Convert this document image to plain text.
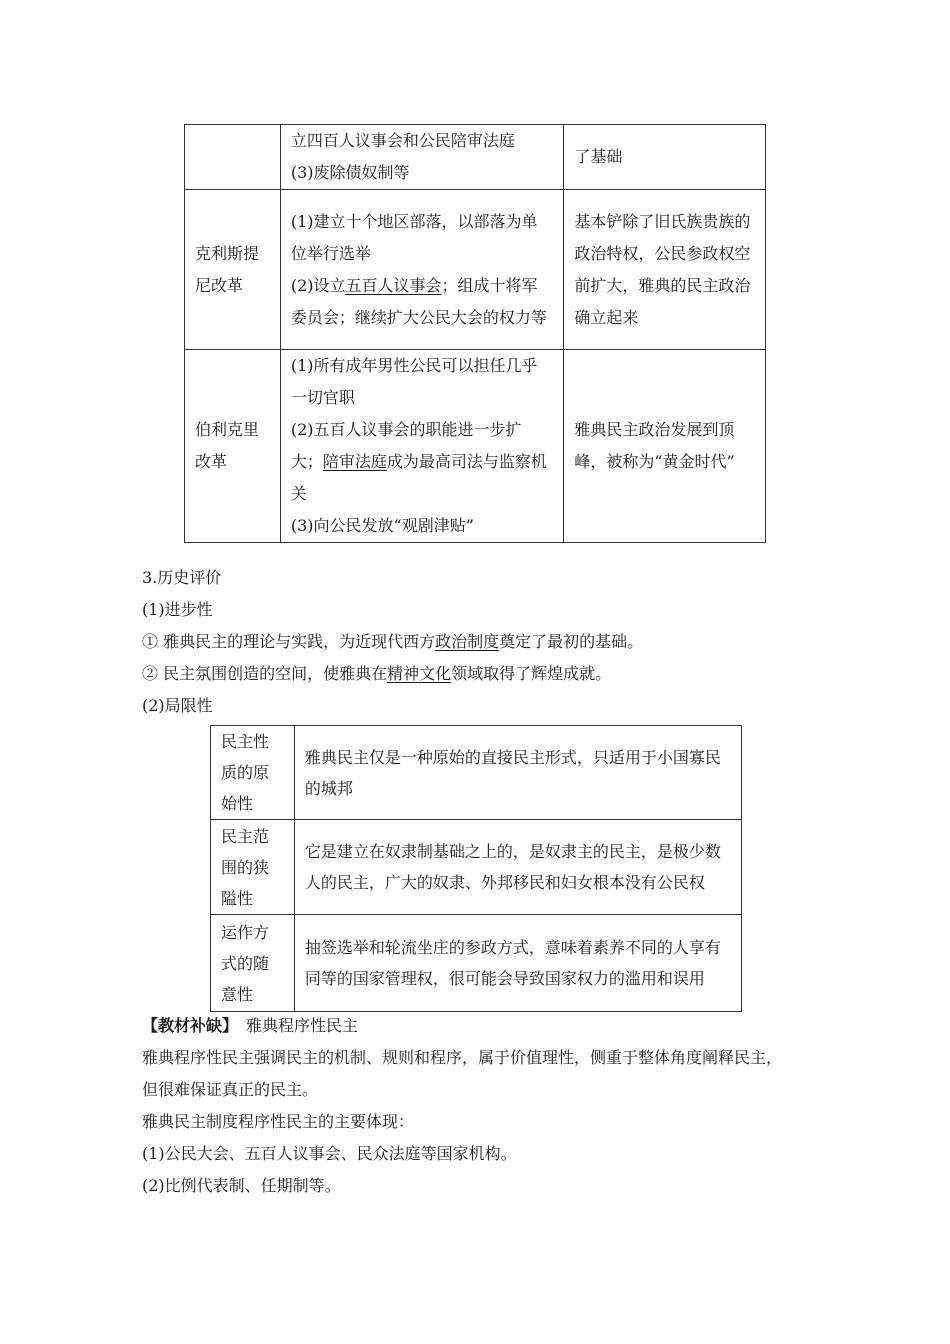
	立四百人议事会和公民陪审法庭
(3)废除债奴制等	了基础
克利斯提尼改革	(1)建立十个地区部落，以部落为单位举行选举
(2)设立五百人议事会；组成十将军委员会；继续扩大公民大会的权力等	基本铲除了旧氏族贵族的政治特权，公民参政权空前扩大，雅典的民主政治确立起来
伯利克里改革	(1)所有成年男性公民可以担任几乎一切官职
(2)五百人议事会的职能进一步扩大；陪审法庭成为最高司法与监察机关
(3)向公民发放“观剧津贴”	雅典民主政治发展到顶峰，被称为“黄金时代”
3.历史评价
(1)进步性
① 雅典民主的理论与实践，为近现代西方政治制度奠定了最初的基础。
② 民主氛围创造的空间，使雅典在精神文化领域取得了辉煌成就。
(2)局限性
民主性质的原始性	雅典民主仅是一种原始的直接民主形式，只适用于小国寡民的城邦
民主范围的狭隘性	它是建立在奴隶制基础之上的，是奴隶主的民主，是极少数人的民主，广大的奴隶、外邦移民和妇女根本没有公民权
运作方式的随意性	抽签选举和轮流坐庄的参政方式，意味着素养不同的人享有同等的国家管理权，很可能会导致国家权力的滥用和误用
【教材补缺】 雅典程序性民主
雅典程序性民主强调民主的机制、规则和程序，属于价值理性，侧重于整体角度阐释民主，
但很难保证真正的民主。
雅典民主制度程序性民主的主要体现：
(1)公民大会、五百人议事会、民众法庭等国家机构。
(2)比例代表制、任期制等。
